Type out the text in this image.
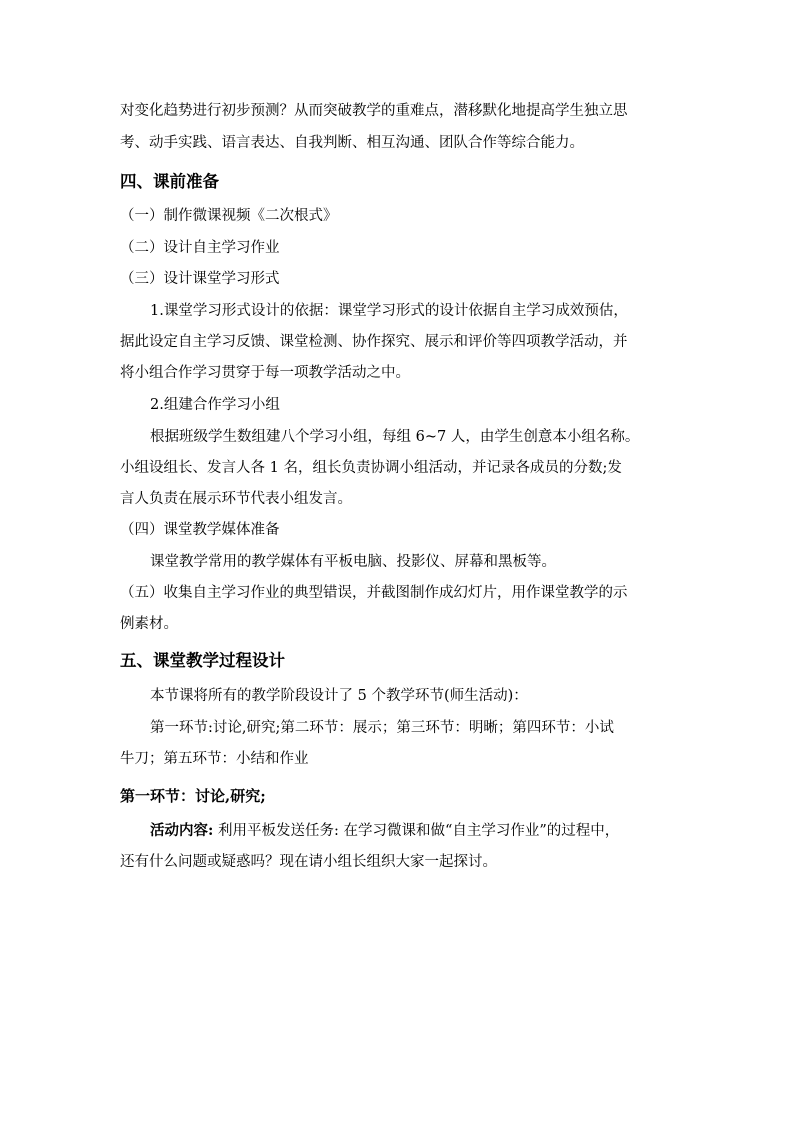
对变化趋势进行初步预测？从而突破教学的重难点，潜移默化地提高学生独立思
考、动手实践、语言表达、自我判断、相互沟通、团队合作等综合能力。
四、课前准备
（一）制作微课视频《二次根式》
（二）设计自主学习作业
（三）设计课堂学习形式
1.课堂学习形式设计的依据：课堂学习形式的设计依据自主学习成效预估，
据此设定自主学习反馈、课堂检测、协作探究、展示和评价等四项教学活动，并
将小组合作学习贯穿于每一项教学活动之中。
2.组建合作学习小组
根据班级学生数组建八个学习小组，每组 6~7 人，由学生创意本小组名称。
小组设组长、发言人各 1 名，组长负责协调小组活动，并记录各成员的分数;发
言人负责在展示环节代表小组发言。
（四）课堂教学媒体准备
课堂教学常用的教学媒体有平板电脑、投影仪、屏幕和黑板等。
（五）收集自主学习作业的典型错误，并截图制作成幻灯片，用作课堂教学的示
例素材。
五、课堂教学过程设计
本节课将所有的教学阶段设计了 5 个教学环节(师生活动)：
第一环节:讨论,研究;第二环节：展示；第三环节：明晰；第四环节：小试
牛刀；第五环节：小结和作业
第一环节：讨论,研究;
活动内容: 利用平板发送任务: 在学习微课和做“自主学习作业”的过程中，
还有什么问题或疑惑吗？现在请小组长组织大家一起探讨。
